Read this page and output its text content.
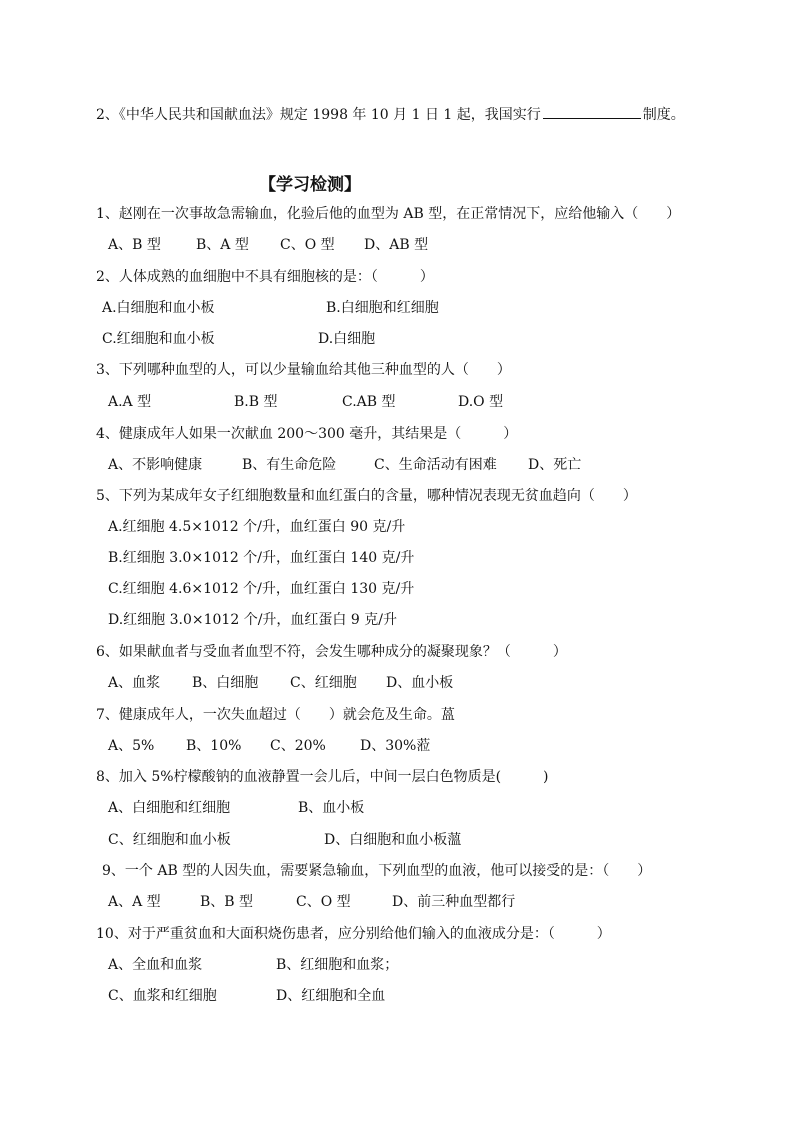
2、《中华人民共和国献血法》规定 1998 年 10 月 1 日 1 起，我国实行	制度。
【学习检测】
1、赵刚在一次事故急需输血，化验后他的血型为 AB 型，在正常情况下，应给他输入（　　）
A、B 型	B、A 型 C、O 型 D、AB 型
2、人体成熟的血细胞中不具有细胞核的是：（　　　）
A.白细胞和血小板	B.白细胞和红细胞
C.红细胞和血小板	D.白细胞
3、下列哪种血型的人，可以少量输血给其他三种血型的人（　　）
A.A 型	B.B 型	C.AB 型	D.O 型
4、健康成年人如果一次献血 200～300 毫升，其结果是（　　　）
A、不影响健康	B、有生命危险	C、生命活动有困难 D、死亡
5、下列为某成年女子红细胞数量和血红蛋白的含量，哪种情况表现无贫血趋向（　　）
A.红细胞 4.5×1012 个/升，血红蛋白 90 克/升
B.红细胞 3.0×1012 个/升，血红蛋白 140 克/升
C.红细胞 4.6×1012 个/升，血红蛋白 130 克/升
D.红细胞 3.0×1012 个/升，血红蛋白 9 克/升
6、如果献血者与受血者血型不符，会发生哪种成分的凝聚现象？（　　　）
A、血浆 B、白细胞 C、红细胞 D、血小板
7、健康成年人，一次失血超过（　　）就会危及生命。蒕
A、5% B、10% C、20% D、30%蒞
8、加入 5%柠檬酸钠的血液静置一会儿后，中间一层白色物质是(　　　)
A、白细胞和红细胞	B、血小板
C、红细胞和血小板	D、白细胞和血小板薀
9、一个 AB 型的人因失血，需要紧急输血，下列血型的血液，他可以接受的是：（　　）
A、A 型	B、B 型	C、O 型	D、前三种血型都行
10、对于严重贫血和大面积烧伤患者，应分别给他们输入的血液成分是：（　　　）
A、全血和血浆	B、红细胞和血浆；
C、血浆和红细胞	D、红细胞和全血
